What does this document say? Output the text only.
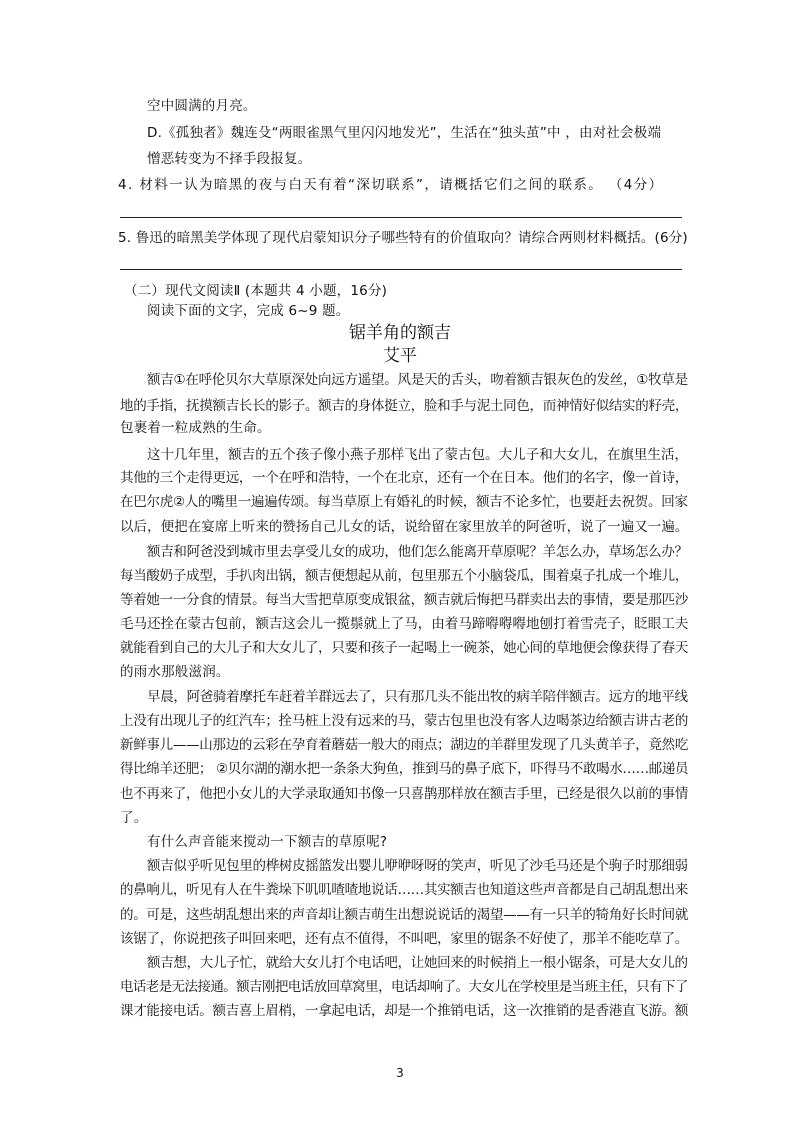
空中圆满的月亮。
D.《孤独者》魏连殳“两眼雀黑气里闪闪地发光”，生活在“独头茧”中 ，由对社会极端
憎恶转变为不择手段报复。
4. 材料一认为暗黑的夜与白天有着“深切联系”，请概括它们之间的联系。 （4分）
5. 鲁迅的暗黑美学体现了现代启蒙知识分子哪些特有的价值取向？请综合两则材料概括。(6分)
（二）现代文阅读Ⅱ (本题共 4 小题，16分)
阅读下面的文字，完成 6~9 题。
锯羊角的额吉
艾平
额吉①在呼伦贝尔大草原深处向远方遥望。风是天的舌头，吻着额吉银灰色的发丝，①牧草是
地的手指，抚摸额吉长长的影子。额吉的身体挺立，脸和手与泥土同色，而神情好似结实的籽壳，
包裹着一粒成熟的生命。
这十几年里，额吉的五个孩子像小燕子那样飞出了蒙古包。大儿子和大女儿，在旗里生活，
其他的三个走得更远，一个在呼和浩特，一个在北京，还有一个在日本。他们的名字，像一首诗，
在巴尔虎②人的嘴里一遍遍传颂。每当草原上有婚礼的时候，额吉不论多忙，也要赶去祝贺。回家
以后，便把在宴席上听来的赞扬自己儿女的话，说给留在家里放羊的阿爸听，说了一遍又一遍。
额吉和阿爸没到城市里去享受儿女的成功，他们怎么能离开草原呢？羊怎么办，草场怎么办？
每当酸奶子成型，手扒肉出锅，额吉便想起从前，包里那五个小脑袋瓜，围着桌子扎成一个堆儿，
等着她一一分食的情景。每当大雪把草原变成银盆，额吉就后悔把马群卖出去的事情，要是那匹沙
毛马还拴在蒙古包前，额吉这会儿一揽鬃就上了马，由着马蹄嘚嘚嘚地刨打着雪壳子，眨眼工夫
就能看到自己的大儿子和大女儿了，只要和孩子一起喝上一碗茶，她心间的草地便会像获得了春天
的雨水那般滋润。
早晨，阿爸骑着摩托车赶着羊群远去了，只有那几头不能出牧的病羊陪伴额吉。远方的地平线
上没有出现儿子的红汽车；拴马桩上没有远来的马，蒙古包里也没有客人边喝茶边给额吉讲古老的
新鲜事儿——山那边的云彩在孕育着蘑菇一般大的雨点；湖边的羊群里发现了几头黄羊子，竟然吃
得比绵羊还肥； ②贝尔湖的潮水把一条条大狗鱼，推到马的鼻子底下，吓得马不敢喝水……邮递员
也不再来了，他把小女儿的大学录取通知书像一只喜鹊那样放在额吉手里，已经是很久以前的事情
了。
有什么声音能来搅动一下额吉的草原呢?
额吉似乎听见包里的桦树皮摇篮发出婴儿咿咿呀呀的笑声，听见了沙毛马还是个驹子时那细弱
的鼻响儿，听见有人在牛粪垛下叽叽喳喳地说话……其实额吉也知道这些声音都是自己胡乱想出来
的。可是，这些胡乱想出来的声音却让额吉萌生出想说说话的渴望——有一只羊的犄角好长时间就
该锯了，你说把孩子叫回来吧，还有点不值得，不叫吧，家里的锯条不好使了，那羊不能吃草了。
额吉想，大儿子忙，就给大女儿打个电话吧，让她回来的时候捎上一根小锯条，可是大女儿的
电话老是无法接通。额吉刚把电话放回草窝里，电话却响了。大女儿在学校里是当班主任，只有下了
课才能接电话。额吉喜上眉梢，一拿起电话，却是一个推销电话，这一次推销的是香港直飞游。额
3
